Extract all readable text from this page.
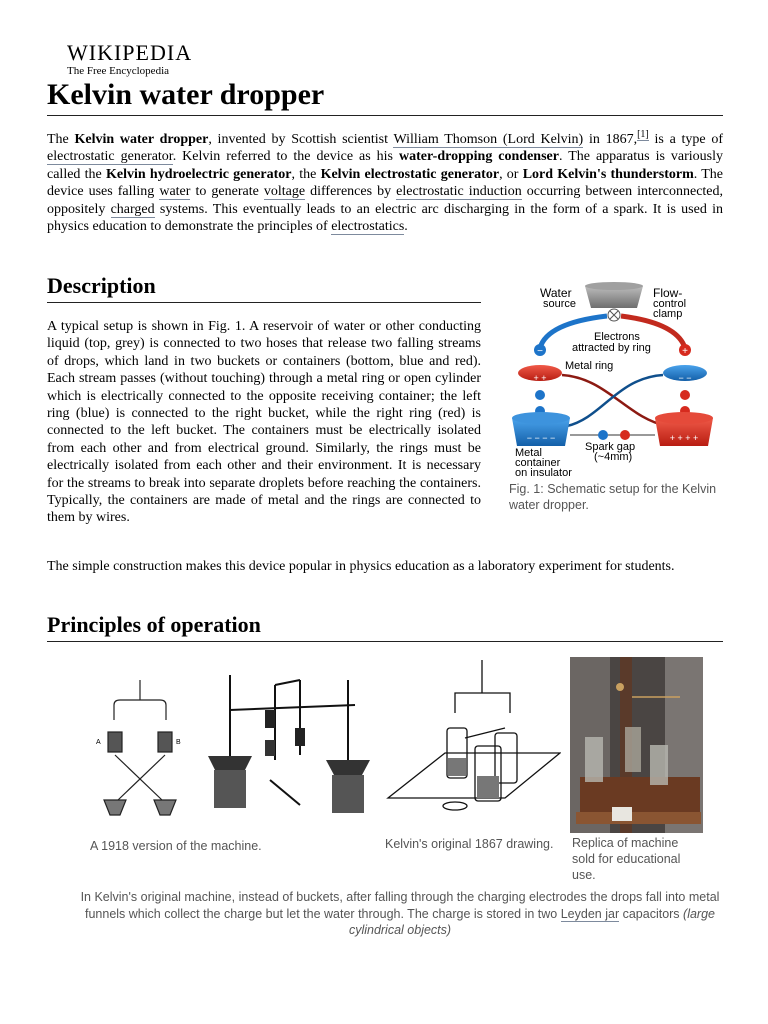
WIKIPEDIA
The Free Encyclopedia
Kelvin water dropper
The Kelvin water dropper, invented by Scottish scientist William Thomson (Lord Kelvin) in 1867,[1] is a type of electrostatic generator. Kelvin referred to the device as his water-dropping condenser. The apparatus is variously called the Kelvin hydroelectric generator, the Kelvin electrostatic generator, or Lord Kelvin's thunderstorm. The device uses falling water to generate voltage differences by electrostatic induction occurring between interconnected, oppositely charged systems. This eventually leads to an electric arc discharging in the form of a spark. It is used in physics education to demonstrate the principles of electrostatics.
Description
A typical setup is shown in Fig. 1. A reservoir of water or other conducting liquid (top, grey) is connected to two hoses that release two falling streams of drops, which land in two buckets or containers (bottom, blue and red). Each stream passes (without touching) through a metal ring or open cylinder which is electrically connected to the opposite receiving container; the left ring (blue) is connected to the right bucket, while the right ring (red) is connected to the left bucket. The containers must be electrically isolated from each other and from electrical ground. Similarly, the rings must be electrically isolated from each other and their environment. It is necessary for the streams to break into separate droplets before reaching the containers. Typically, the containers are made of metal and the rings are connected to them by wires.
−	+
+ +	− −
− − − −	+ + + +
Water
source
Flow-
control
clamp
Electrons
attracted by ring
Metal ring
Metal
container
on insulator
Spark gap
(~4mm)
Fig. 1: Schematic setup for the Kelvin water dropper.
The simple construction makes this device popular in physics education as a laboratory experiment for students.
Principles of operation
A	B
A 1918 version of the machine.	Kelvin's original 1867 drawing.	Replica of machine sold for educational use.
In Kelvin's original machine, instead of buckets, after falling through the charging electrodes the drops fall into metal funnels which collect the charge but let the water through. The charge is stored in two Leyden jar capacitors (large cylindrical objects)
